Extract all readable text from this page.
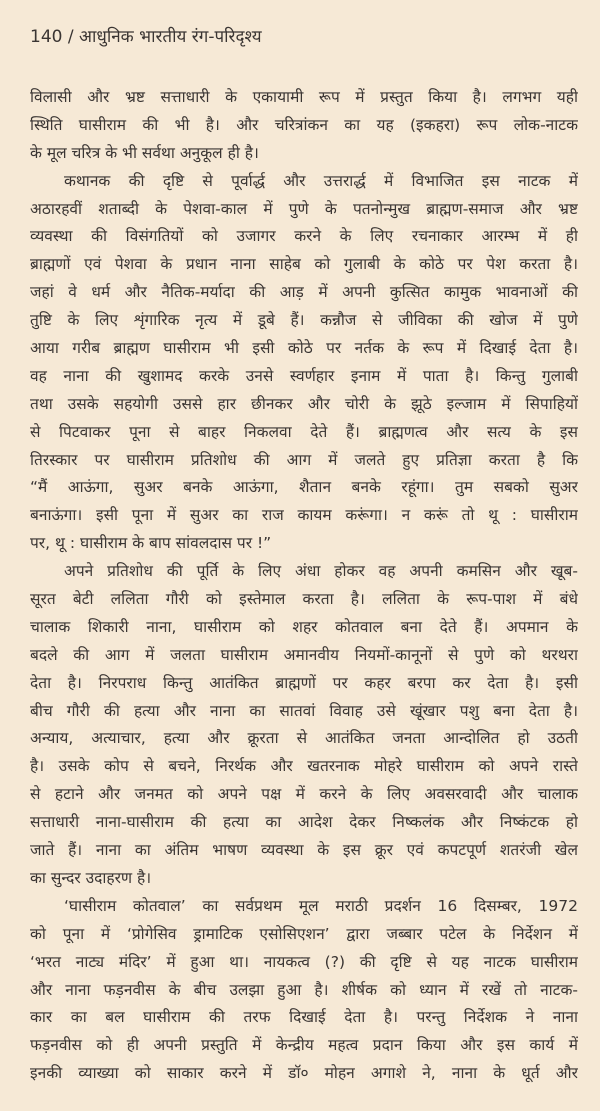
140 / आधुनिक भारतीय रंग-परिदृश्य
विलासी और भ्रष्ट सत्ताधारी के एकायामी रूप में प्रस्तुत किया है। लगभग यही
स्थिति घासीराम की भी है। और चरित्रांकन का यह (इकहरा) रूप लोक-नाटक
के मूल चरित्र के भी सर्वथा अनुकूल ही है।
कथानक की दृष्टि से पूर्वार्द्ध और उत्तरार्द्ध में विभाजित इस नाटक में
अठारहवीं शताब्दी के पेशवा-काल में पुणे के पतनोन्मुख ब्राह्मण-समाज और भ्रष्ट
व्यवस्था की विसंगतियों को उजागर करने के लिए रचनाकार आरम्भ में ही
ब्राह्मणों एवं पेशवा के प्रधान नाना साहेब को गुलाबी के कोठे पर पेश करता है।
जहां वे धर्म और नैतिक-मर्यादा की आड़ में अपनी कुत्सित कामुक भावनाओं की
तुष्टि के लिए शृंगारिक नृत्य में डूबे हैं। कन्नौज से जीविका की खोज में पुणे
आया गरीब ब्राह्मण घासीराम भी इसी कोठे पर नर्तक के रूप में दिखाई देता है।
वह नाना की खुशामद करके उनसे स्वर्णहार इनाम में पाता है। किन्तु गुलाबी
तथा उसके सहयोगी उससे हार छीनकर और चोरी के झूठे इल्जाम में सिपाहियों
से पिटवाकर पूना से बाहर निकलवा देते हैं। ब्राह्मणत्व और सत्य के इस
तिरस्कार पर घासीराम प्रतिशोध की आग में जलते हुए प्रतिज्ञा करता है कि
“मैं आऊंगा, सुअर बनके आऊंगा, शैतान बनके रहूंगा। तुम सबको सुअर
बनाऊंगा। इसी पूना में सुअर का राज कायम करूंगा। न करूं तो थू : घासीराम
पर, थू : घासीराम के बाप सांवलदास पर !”
अपने प्रतिशोध की पूर्ति के लिए अंधा होकर वह अपनी कमसिन और खूब-
सूरत बेटी ललिता गौरी को इस्तेमाल करता है। ललिता के रूप-पाश में बंधे
चालाक शिकारी नाना, घासीराम को शहर कोतवाल बना देते हैं। अपमान के
बदले की आग में जलता घासीराम अमानवीय नियमों-कानूनों से पुणे को थरथरा
देता है। निरपराध किन्तु आतंकित ब्राह्मणों पर कहर बरपा कर देता है। इसी
बीच गौरी की हत्या और नाना का सातवां विवाह उसे खूंखार पशु बना देता है।
अन्याय, अत्याचार, हत्या और क्रूरता से आतंकित जनता आन्दोलित हो उठती
है। उसके कोप से बचने, निरर्थक और खतरनाक मोहरे घासीराम को अपने रास्ते
से हटाने और जनमत को अपने पक्ष में करने के लिए अवसरवादी और चालाक
सत्ताधारी नाना-घासीराम की हत्या का आदेश देकर निष्कलंक और निष्कंटक हो
जाते हैं। नाना का अंतिम भाषण व्यवस्था के इस क्रूर एवं कपटपूर्ण शतरंजी खेल
का सुन्दर उदाहरण है।
‘घासीराम कोतवाल’ का सर्वप्रथम मूल मराठी प्रदर्शन 16 दिसम्बर, 1972
को पूना में ‘प्रोगेसिव ड्रामाटिक एसोसिएशन’ द्वारा जब्बार पटेल के निर्देशन में
‘भरत नाट्य मंदिर’ में हुआ था। नायकत्व (?) की दृष्टि से यह नाटक घासीराम
और नाना फड़नवीस के बीच उलझा हुआ है। शीर्षक को ध्यान में रखें तो नाटक-
कार का बल घासीराम की तरफ दिखाई देता है। परन्तु निर्देशक ने नाना
फड़नवीस को ही अपनी प्रस्तुति में केन्द्रीय महत्व प्रदान किया और इस कार्य में
इनकी व्याख्या को साकार करने में डॉ० मोहन अगाशे ने, नाना के धूर्त और
